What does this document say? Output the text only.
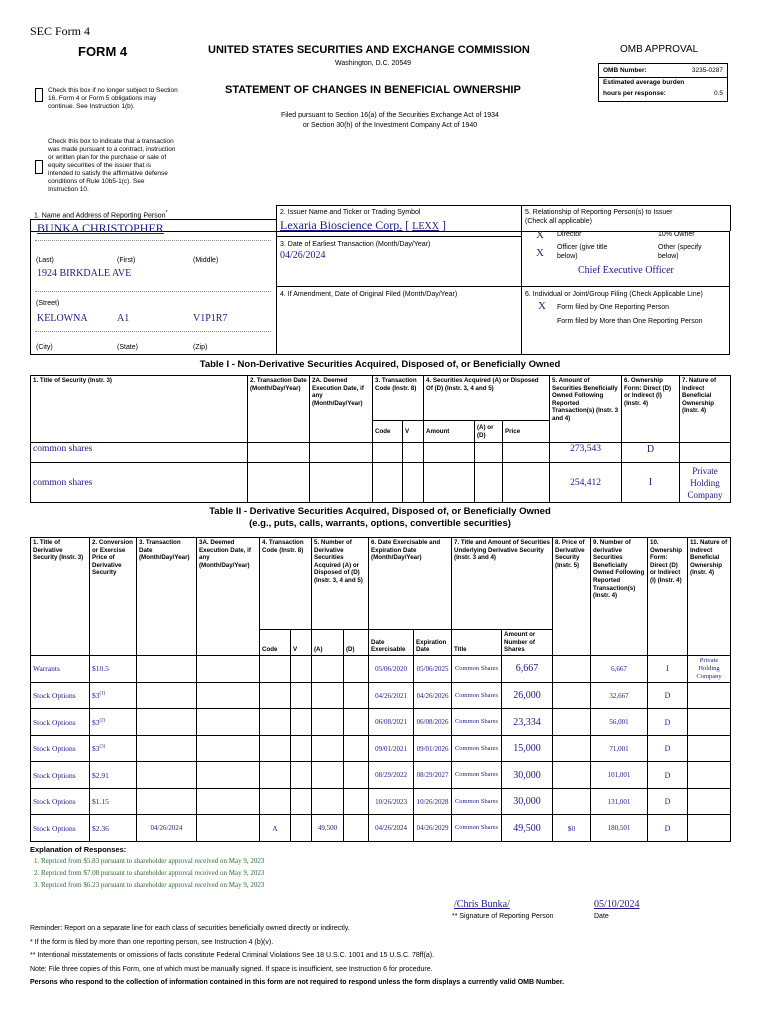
SEC Form 4
FORM 4	UNITED STATES SECURITIES AND EXCHANGE COMMISSION
Washington, D.C. 20549
OMB APPROVAL
OMB Number:	3235-0287
Estimated average burden
hours per response:	0.5
Check this box if no longer subject to Section 16. Form 4 or Form 5 obligations may continue. See Instruction 1(b).
STATEMENT OF CHANGES IN BENEFICIAL OWNERSHIP
Filed pursuant to Section 16(a) of the Securities Exchange Act of 1934
or Section 30(h) of the Investment Company Act of 1940
Check this box to indicate that a transaction was made pursuant to a contract, instruction or written plan for the purchase or sale of equity securities of the issuer that is intended to satisfy the affirmative defense conditions of Rule 10b5-1(c). See Instruction 10.
1. Name and Address of Reporting Person*
BUNKA CHRISTOPHER
(Last)	(First)	(Middle)
1924 BIRKDALE AVE
(Street)
KELOWNA	A1	V1P1R7
(City)	(State)	(Zip)
2. Issuer Name and Ticker or Trading Symbol
Lexaria Bioscience Corp. [ LEXX ]
3. Date of Earliest Transaction (Month/Day/Year)
04/26/2024
4. If Amendment, Date of Original Filed (Month/Day/Year)
5. Relationship of Reporting Person(s) to Issuer
(Check all applicable)
X Director	10% Owner
X Officer (give title below)
Other (specify below)
Chief Executive Officer
6. Individual or Joint/Group Filing (Check Applicable Line)
X Form filed by One Reporting Person
Form filed by More than One Reporting Person
Table I - Non-Derivative Securities Acquired, Disposed of, or Beneficially Owned
1. Title of Security (Instr. 3)	2. Transaction Date (Month/Day/Year)	2A. Deemed Execution Date, if any (Month/Day/Year)	3. Transaction Code (Instr. 8)		4. Securities Acquired (A) or Disposed Of (D) (Instr. 3, 4 and 5)			5. Amount of Securities Beneficially Owned Following Reported Transaction(s) (Instr. 3 and 4)	6. Ownership Form: Direct (D) or Indirect (I) (Instr. 4)	7. Nature of Indirect Beneficial Ownership (Instr. 4)
			Code	V	Amount	(A) or (D)	Price			
common shares								273,543	D	
common shares								254,412	I	Private Holding Company
Table II - Derivative Securities Acquired, Disposed of, or Beneficially Owned
(e.g., puts, calls, warrants, options, convertible securities)
1. Title of Derivative Security (Instr. 3)	2. Conversion or Exercise Price of Derivative Security	3. Transaction Date (Month/Day/Year)	3A. Deemed Execution Date, if any (Month/Day/Year)	4. Transaction Code (Instr. 8)		5. Number of Derivative Securities Acquired (A) or Disposed of (D) (Instr. 3, 4 and 5)		6. Date Exercisable and Expiration Date (Month/Day/Year)		7. Title and Amount of Securities Underlying Derivative Security (Instr. 3 and 4)		8. Price of Derivative Security (Instr. 5)	9. Number of derivative Securities Beneficially Owned Following Reported Transaction(s) (Instr. 4)	10. Ownership Form: Direct (D) or Indirect (I) (Instr. 4)	11. Nature of Indirect Beneficial Ownership (Instr. 4)
				Code	V	(A)	(D)	Date Exercisable	Expiration Date	Title	Amount or Number of Shares				
Warrants	$10.5							05/06/2020	05/06/2025	Common Shares	6,667		6,667	I	Private Holding Company
Stock Options	$3$^{(1)}$							04/26/2021	04/26/2026	Common Shares	26,000		32,667	D	
Stock Options	$3$^{(2)}$							06/08/2021	06/08/2026	Common Shares	23,334		56,001	D	
Stock Options	$3$^{(3)}$							09/01/2021	09/01/2026	Common Shares	15,000		71,001	D	
Stock Options	$2.91							08/29/2022	08/29/2027	Common Shares	30,000		101,001	D	
Stock Options	$1.15							10/26/2023	10/26/2028	Common Shares	30,000		131,001	D	
Stock Options	$2.36	04/26/2024		A		49,500		04/26/2024	04/26/2029	Common Shares	49,500	$0	180,501	D	
Explanation of Responses:
1. Repriced from $5.83 pursuant to shareholder approval received on May 9, 2023
2. Repriced from $7.08 pursuant to shareholder approval received on May 9, 2023
3. Repriced from $6.23 pursuant to shareholder approval received on May 9, 2023
/Chris Bunka/	05/10/2024
** Signature of Reporting Person	Date
Reminder: Report on a separate line for each class of securities beneficially owned directly or indirectly.
* If the form is filed by more than one reporting person, see Instruction 4 (b)(v).
** Intentional misstatements or omissions of facts constitute Federal Criminal Violations See 18 U.S.C. 1001 and 15 U.S.C. 78ff(a).
Note: File three copies of this Form, one of which must be manually signed. If space is insufficient, see Instruction 6 for procedure.
Persons who respond to the collection of information contained in this form are not required to respond unless the form displays a currently valid OMB Number.
